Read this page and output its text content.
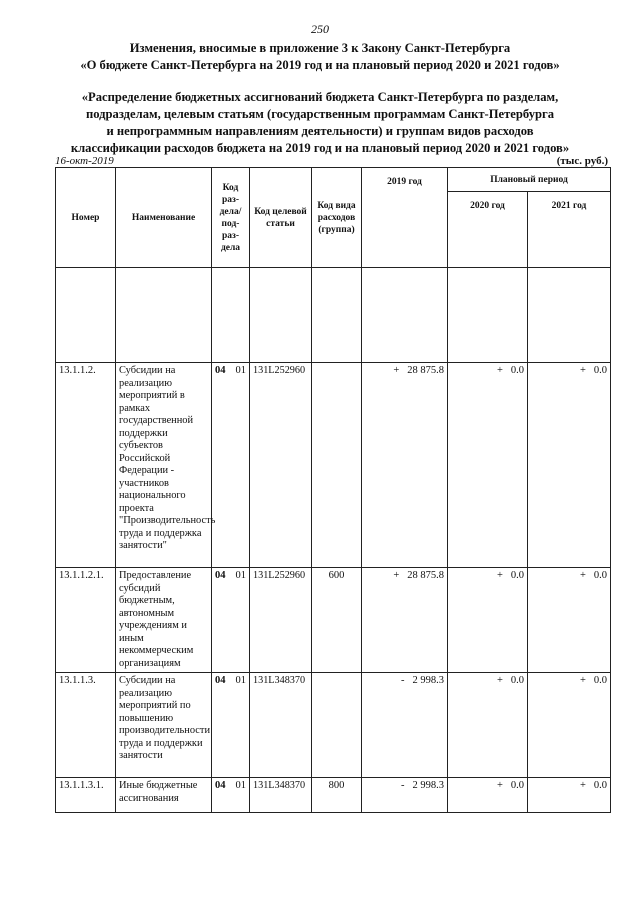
250
Изменения, вносимые в приложение 3 к Закону Санкт-Петербурга
«О бюджете Санкт-Петербурга на 2019 год и на плановый период 2020 и 2021 годов»
«Распределение бюджетных ассигнований бюджета Санкт-Петербурга по разделам,
подразделам, целевым статьям (государственным программам Санкт-Петербурга
и непрограммным направлениям деятельности) и группам видов расходов
классификации расходов бюджета на 2019 год и на плановый период 2020 и 2021 годов»
16-окт-2019	(тыс. руб.)
Номер	Наименование	Код раз-дела/ под-раз-дела	Код целевой статьи	Код вида расходов (группа)	2019 год	Плановый период	
						2020 год	2021 год

13.1.1.2.	Субсидии на реализацию мероприятий в рамках государственной поддержки субъектов Российской Федерации - участников национального проекта "Производительность труда и поддержка занятости"	04 01	131L252960		+ 28 875.8	+ 0.0	+ 0.0
13.1.1.2.1.	Предоставление субсидий бюджетным, автономным учреждениям и иным некоммерческим организациям	04 01	131L252960	600	+ 28 875.8	+ 0.0	+ 0.0
13.1.1.3.	Субсидии на реализацию мероприятий по повышению производительности труда и поддержки занятости	04 01	131L348370		- 2 998.3	+ 0.0	+ 0.0
13.1.1.3.1.	Иные бюджетные ассигнования	04 01	131L348370	800	- 2 998.3	+ 0.0	+ 0.0
